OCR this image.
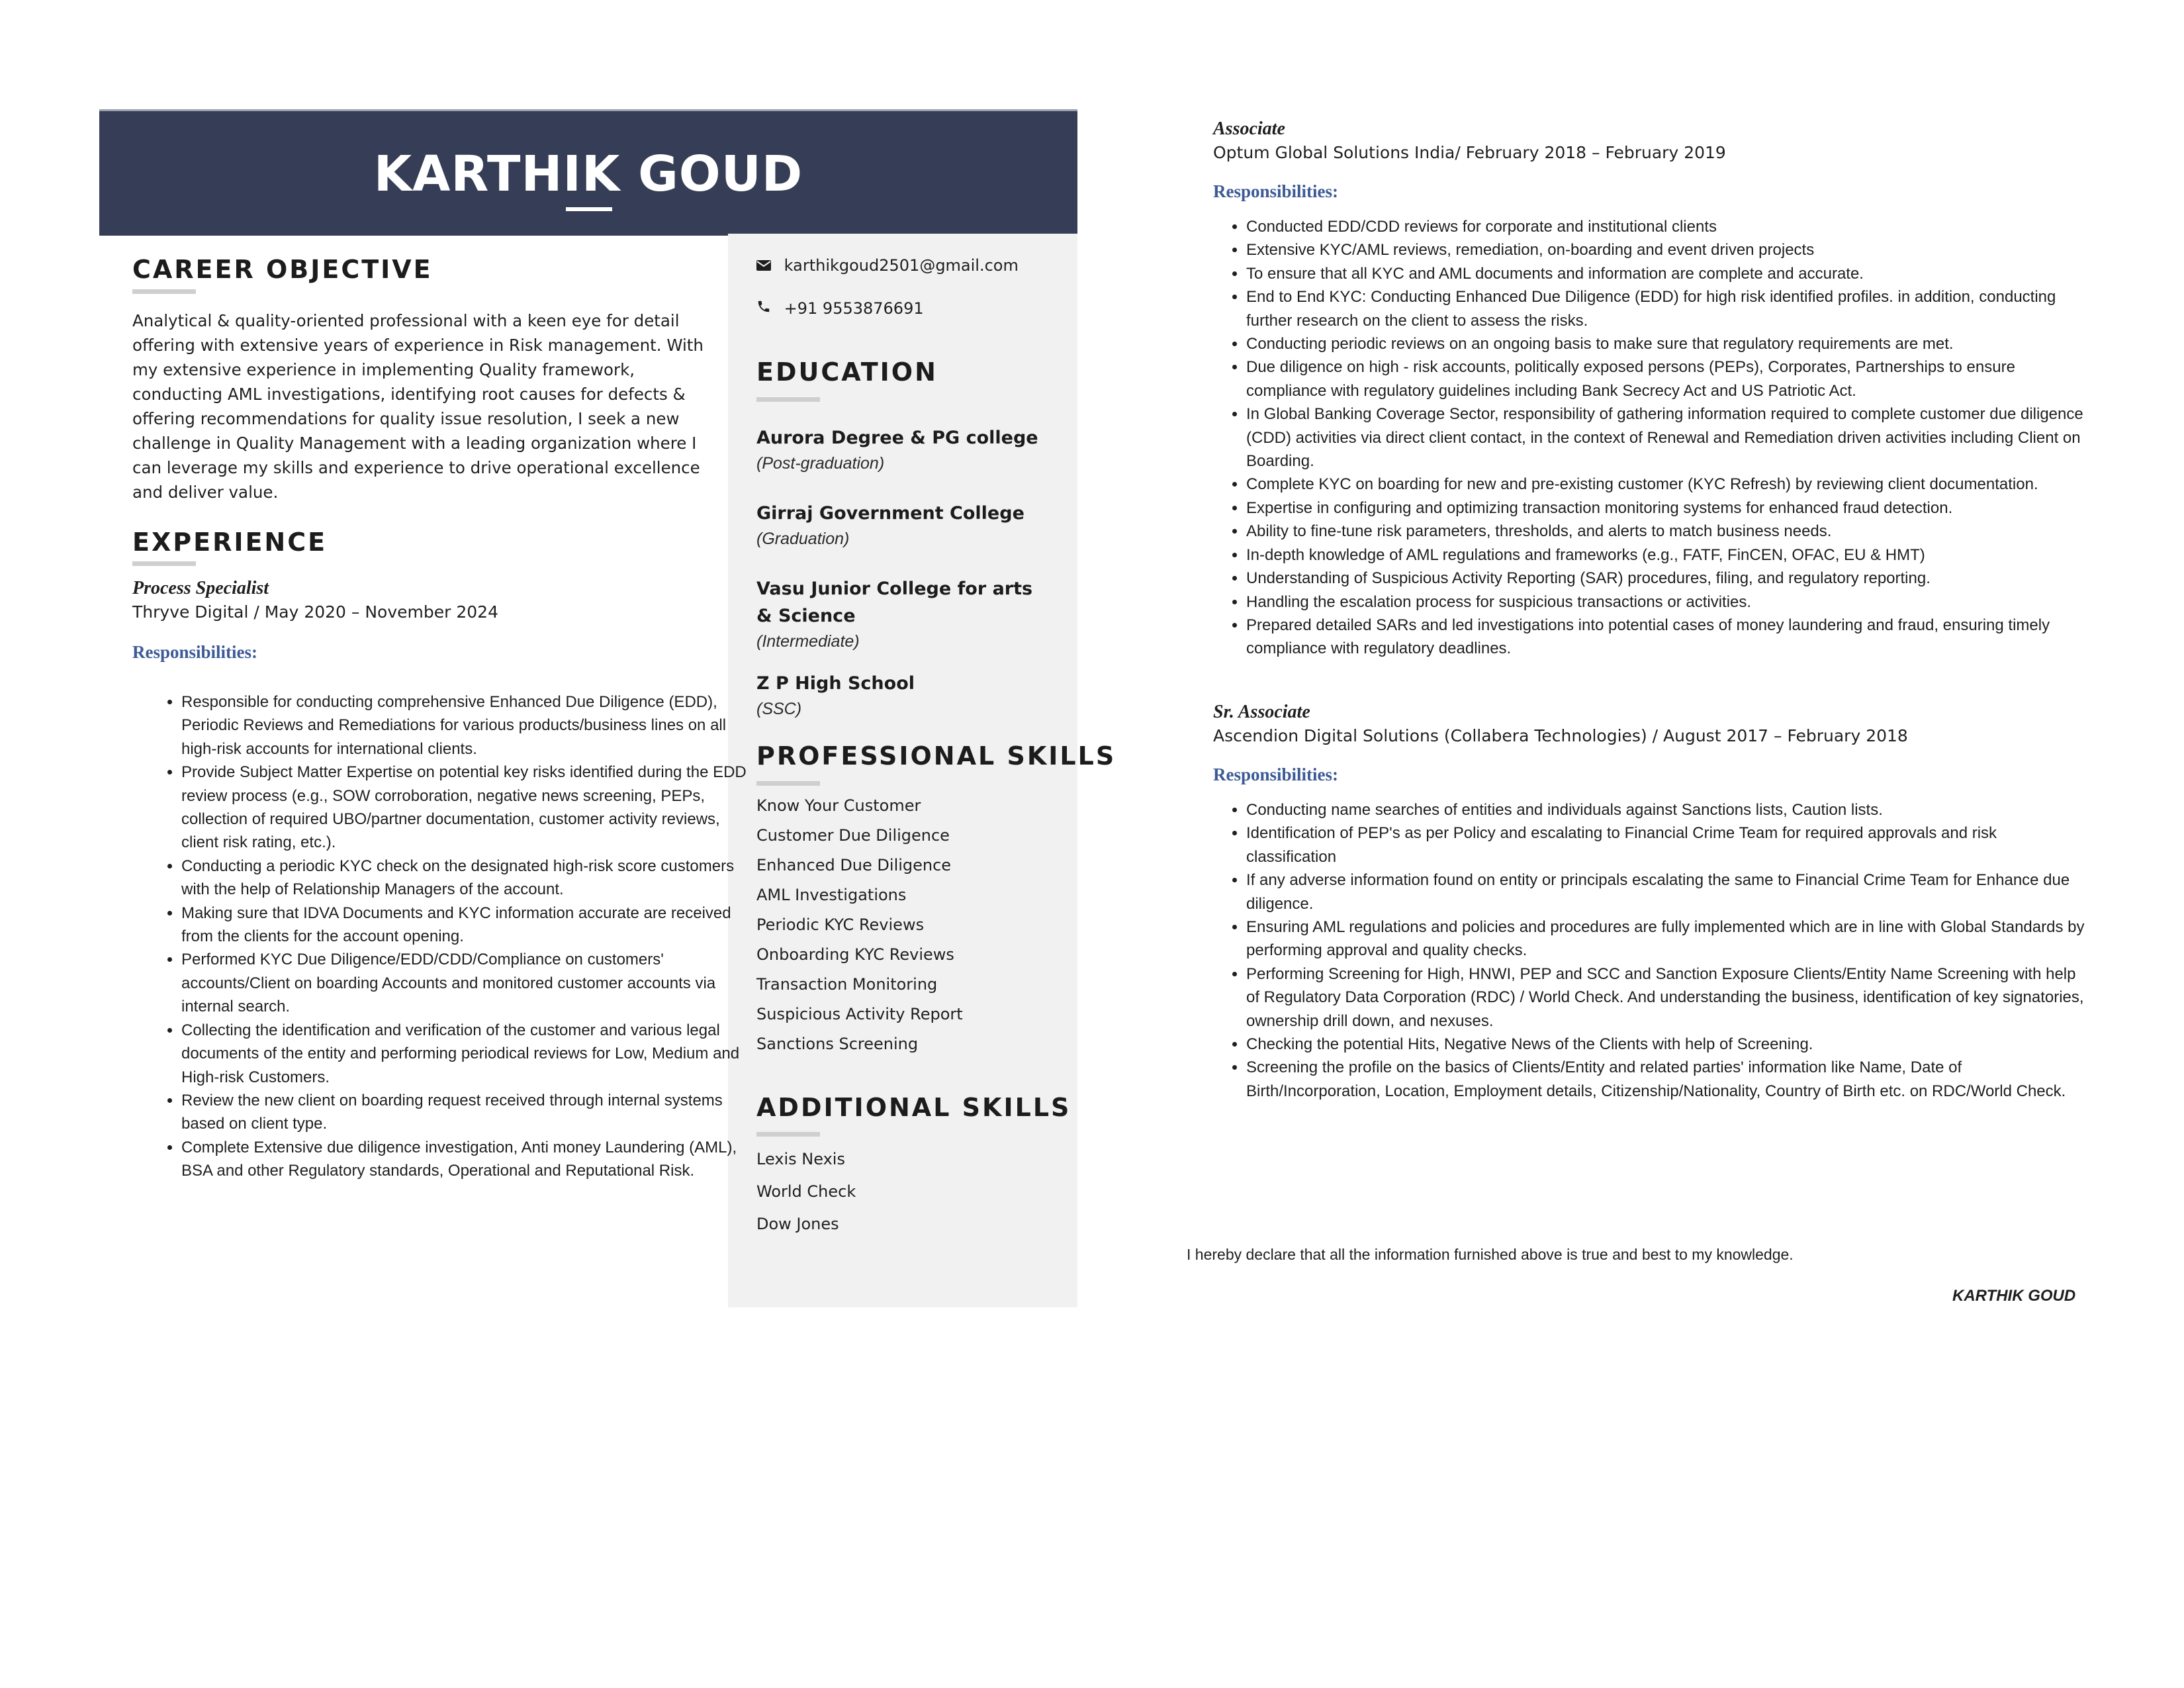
KARTHIK GOUD
CAREER OBJECTIVE
Analytical & quality-oriented professional with a keen eye for detail offering with extensive years of experience in Risk management. With my extensive experience in implementing Quality framework, conducting AML investigations, identifying root causes for defects & offering recommendations for quality issue resolution, I seek a new challenge in Quality Management with a leading organization where I can leverage my skills and experience to drive operational excellence and deliver value.
EXPERIENCE
Process Specialist
Thryve Digital / May 2020 – November 2024
Responsibilities:
• Responsible for conducting comprehensive Enhanced Due Diligence (EDD), Periodic Reviews and Remediations for various products/business lines on all high-risk accounts for international clients.
• Provide Subject Matter Expertise on potential key risks identified during the EDD review process (e.g., SOW corroboration, negative news screening, PEPs, collection of required UBO/partner documentation, customer activity reviews, client risk rating, etc.).
• Conducting a periodic KYC check on the designated high-risk score customers with the help of Relationship Managers of the account.
• Making sure that IDVA Documents and KYC information accurate are received from the clients for the account opening.
• Performed KYC Due Diligence/EDD/CDD/Compliance on customers' accounts/Client on boarding Accounts and monitored customer accounts via internal search.
• Collecting the identification and verification of the customer and various legal documents of the entity and performing periodical reviews for Low, Medium and High-risk Customers.
• Review the new client on boarding request received through internal systems based on client type.
• Complete Extensive due diligence investigation, Anti money Laundering (AML), BSA and other Regulatory standards, Operational and Reputational Risk.
karthikgoud2501@gmail.com
+91 9553876691
EDUCATION
Aurora Degree & PG college
(Post-graduation)
Girraj Government College
(Graduation)
Vasu Junior College for arts & Science
(Intermediate)
Z P High School
(SSC)
PROFESSIONAL SKILLS
Know Your Customer
Customer Due Diligence
Enhanced Due Diligence
AML Investigations
Periodic KYC Reviews
Onboarding KYC Reviews
Transaction Monitoring
Suspicious Activity Report
Sanctions Screening
ADDITIONAL SKILLS
Lexis Nexis
World Check
Dow Jones
Associate
Optum Global Solutions India/ February 2018 – February 2019
Responsibilities:
• Conducted EDD/CDD reviews for corporate and institutional clients
• Extensive KYC/AML reviews, remediation, on-boarding and event driven projects
• To ensure that all KYC and AML documents and information are complete and accurate.
• End to End KYC: Conducting Enhanced Due Diligence (EDD) for high risk identified profiles. in addition, conducting further research on the client to assess the risks.
• Conducting periodic reviews on an ongoing basis to make sure that regulatory requirements are met.
• Due diligence on high - risk accounts, politically exposed persons (PEPs), Corporates, Partnerships to ensure compliance with regulatory guidelines including Bank Secrecy Act and US Patriotic Act.
• In Global Banking Coverage Sector, responsibility of gathering information required to complete customer due diligence (CDD) activities via direct client contact, in the context of Renewal and Remediation driven activities including Client on Boarding.
• Complete KYC on boarding for new and pre-existing customer (KYC Refresh) by reviewing client documentation.
• Expertise in configuring and optimizing transaction monitoring systems for enhanced fraud detection.
• Ability to fine-tune risk parameters, thresholds, and alerts to match business needs.
• In-depth knowledge of AML regulations and frameworks (e.g., FATF, FinCEN, OFAC, EU & HMT)
• Understanding of Suspicious Activity Reporting (SAR) procedures, filing, and regulatory reporting.
• Handling the escalation process for suspicious transactions or activities.
• Prepared detailed SARs and led investigations into potential cases of money laundering and fraud, ensuring timely compliance with regulatory deadlines.
Sr. Associate
Ascendion Digital Solutions (Collabera Technologies) / August 2017 – February 2018
Responsibilities:
• Conducting name searches of entities and individuals against Sanctions lists, Caution lists.
• Identification of PEP's as per Policy and escalating to Financial Crime Team for required approvals and risk classification
• If any adverse information found on entity or principals escalating the same to Financial Crime Team for Enhance due diligence.
• Ensuring AML regulations and policies and procedures are fully implemented which are in line with Global Standards by performing approval and quality checks.
• Performing Screening for High, HNWI, PEP and SCC and Sanction Exposure Clients/Entity Name Screening with help of Regulatory Data Corporation (RDC) / World Check. And understanding the business, identification of key signatories, ownership drill down, and nexuses.
• Checking the potential Hits, Negative News of the Clients with help of Screening.
• Screening the profile on the basics of Clients/Entity and related parties' information like Name, Date of Birth/Incorporation, Location, Employment details, Citizenship/Nationality, Country of Birth etc. on RDC/World Check.
I hereby declare that all the information furnished above is true and best to my knowledge.
KARTHIK GOUD
